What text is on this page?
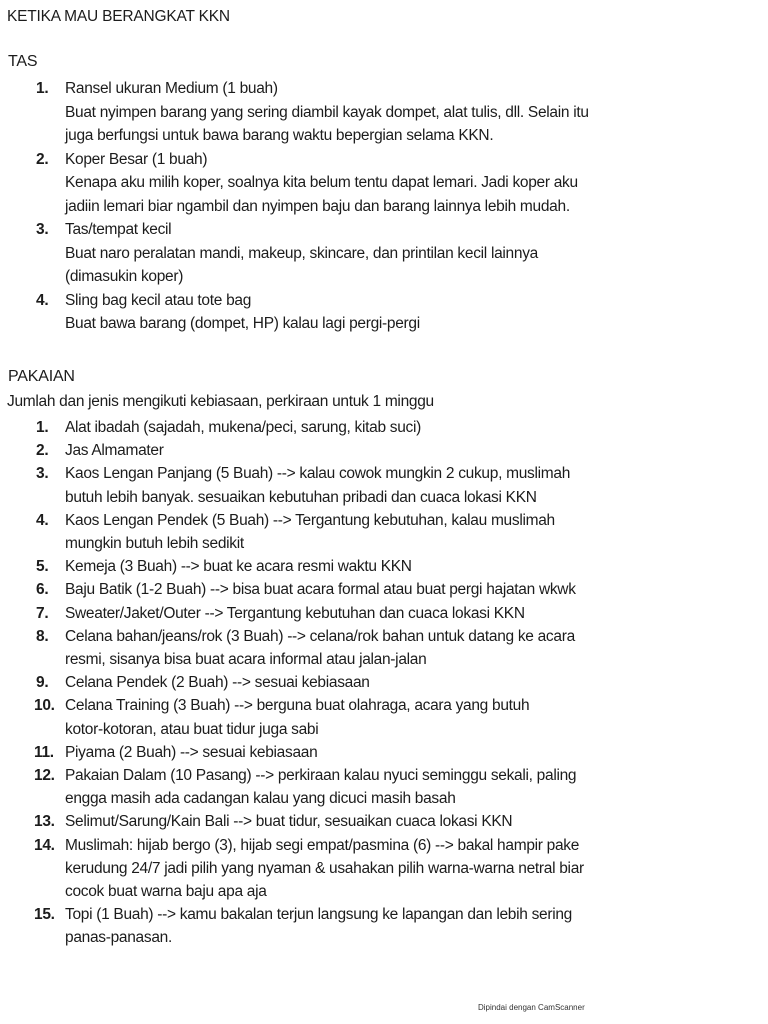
KETIKA MAU BERANGKAT KKN
TAS
1. Ransel ukuran Medium (1 buah)
Buat nyimpen barang yang sering diambil kayak dompet, alat tulis, dll. Selain itu
juga berfungsi untuk bawa barang waktu bepergian selama KKN.
2. Koper Besar (1 buah)
Kenapa aku milih koper, soalnya kita belum tentu dapat lemari. Jadi koper aku
jadiin lemari biar ngambil dan nyimpen baju dan barang lainnya lebih mudah.
3. Tas/tempat kecil
Buat naro peralatan mandi, makeup, skincare, dan printilan kecil lainnya
(dimasukin koper)
4. Sling bag kecil atau tote bag
Buat bawa barang (dompet, HP) kalau lagi pergi-pergi
PAKAIAN
Jumlah dan jenis mengikuti kebiasaan, perkiraan untuk 1 minggu
1. Alat ibadah (sajadah, mukena/peci, sarung, kitab suci)
2. Jas Almamater
3. Kaos Lengan Panjang (5 Buah) --> kalau cowok mungkin 2 cukup, muslimah
butuh lebih banyak. sesuaikan kebutuhan pribadi dan cuaca lokasi KKN
4. Kaos Lengan Pendek (5 Buah) --> Tergantung kebutuhan, kalau muslimah
mungkin butuh lebih sedikit
5. Kemeja (3 Buah) --> buat ke acara resmi waktu KKN
6. Baju Batik (1-2 Buah) --> bisa buat acara formal atau buat pergi hajatan wkwk
7. Sweater/Jaket/Outer --> Tergantung kebutuhan dan cuaca lokasi KKN
8. Celana bahan/jeans/rok (3 Buah) --> celana/rok bahan untuk datang ke acara
resmi, sisanya bisa buat acara informal atau jalan-jalan
9. Celana Pendek (2 Buah) --> sesuai kebiasaan
10. Celana Training (3 Buah) --> berguna buat olahraga, acara yang butuh
kotor-kotoran, atau buat tidur juga sabi
11. Piyama (2 Buah) --> sesuai kebiasaan
12. Pakaian Dalam (10 Pasang) --> perkiraan kalau nyuci seminggu sekali, paling
engga masih ada cadangan kalau yang dicuci masih basah
13. Selimut/Sarung/Kain Bali --> buat tidur, sesuaikan cuaca lokasi KKN
14. Muslimah: hijab bergo (3), hijab segi empat/pasmina (6) --> bakal hampir pake
kerudung 24/7 jadi pilih yang nyaman & usahakan pilih warna-warna netral biar
cocok buat warna baju apa aja
15. Topi (1 Buah) --> kamu bakalan terjun langsung ke lapangan dan lebih sering
panas-panasan.
Dipindai dengan CamScanner
